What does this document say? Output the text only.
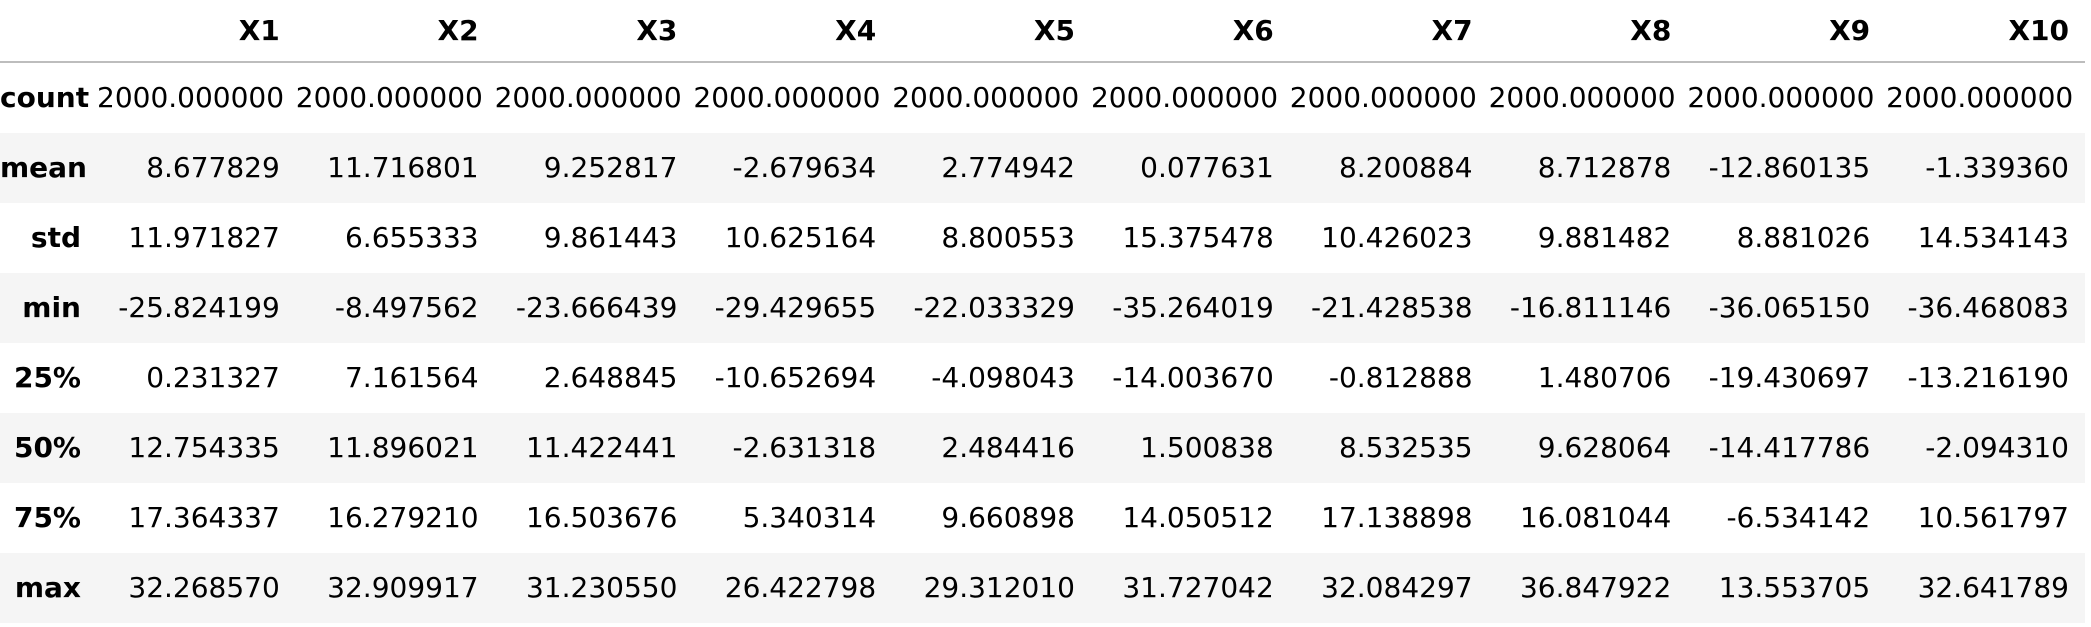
	X1	X2	X3	X4	X5	X6	X7	X8	X9	X10
count	2000.000000	2000.000000	2000.000000	2000.000000	2000.000000	2000.000000	2000.000000	2000.000000	2000.000000	2000.000000
mean	8.677829	11.716801	9.252817	-2.679634	2.774942	0.077631	8.200884	8.712878	-12.860135	-1.339360
std	11.971827	6.655333	9.861443	10.625164	8.800553	15.375478	10.426023	9.881482	8.881026	14.534143
min	-25.824199	-8.497562	-23.666439	-29.429655	-22.033329	-35.264019	-21.428538	-16.811146	-36.065150	-36.468083
25%	0.231327	7.161564	2.648845	-10.652694	-4.098043	-14.003670	-0.812888	1.480706	-19.430697	-13.216190
50%	12.754335	11.896021	11.422441	-2.631318	2.484416	1.500838	8.532535	9.628064	-14.417786	-2.094310
75%	17.364337	16.279210	16.503676	5.340314	9.660898	14.050512	17.138898	16.081044	-6.534142	10.561797
max	32.268570	32.909917	31.230550	26.422798	29.312010	31.727042	32.084297	36.847922	13.553705	32.641789
